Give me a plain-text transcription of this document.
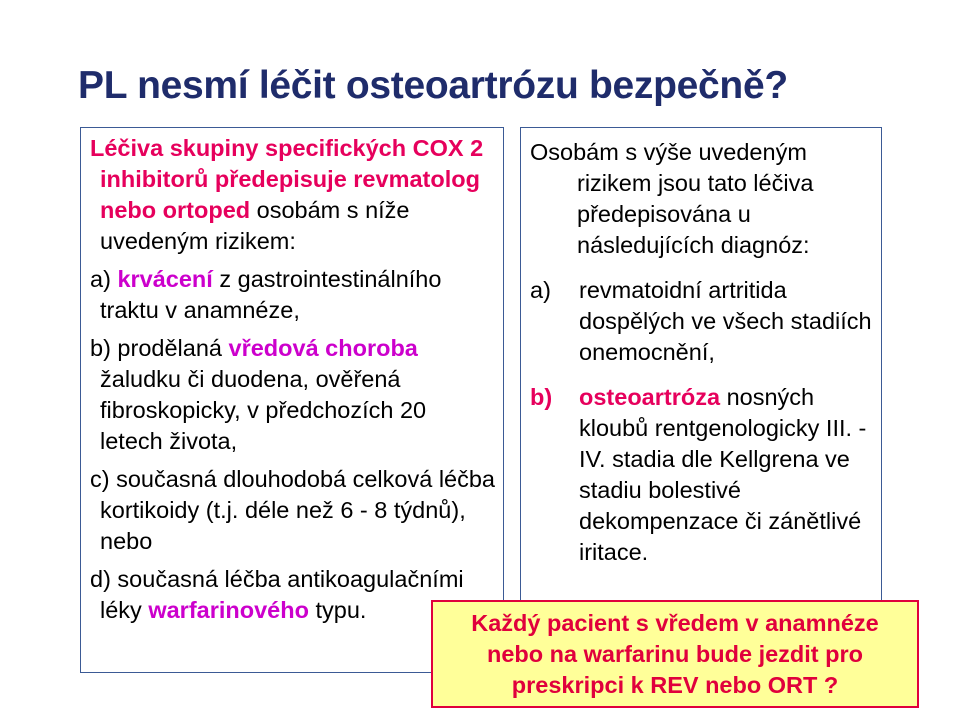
PL nesmí léčit osteoartrózu bezpečně?

Léčiva skupiny specifických COX 2 inhibitorů předepisuje revmatolog nebo ortoped osobám s níže uvedeným rizikem:

a) krvácení z gastrointestinálního traktu v anamnéze,

b) prodělaná vředová choroba žaludku či duodena, ověřená fibroskopicky, v předchozích 20 letech života,

c) současná dlouhodobá celková léčba kortikoidy (t.j. déle než 6 - 8 týdnů), nebo

d) současná léčba antikoagulačními léky warfarinového typu.

Osobám s výše uvedeným rizikem jsou tato léčiva předepisována u následujících diagnóz:

a)	revmatoidní artritida dospělých ve všech stadiích onemocnění,

b)	osteoartróza nosných kloubů rentgenologicky III. - IV. stadia dle Kellgrena ve stadiu bolestivé dekompenzace či zánětlivé iritace.

Každý pacient s vředem v anamnéze
nebo na warfarinu bude jezdit pro
preskripci k REV nebo ORT ?
